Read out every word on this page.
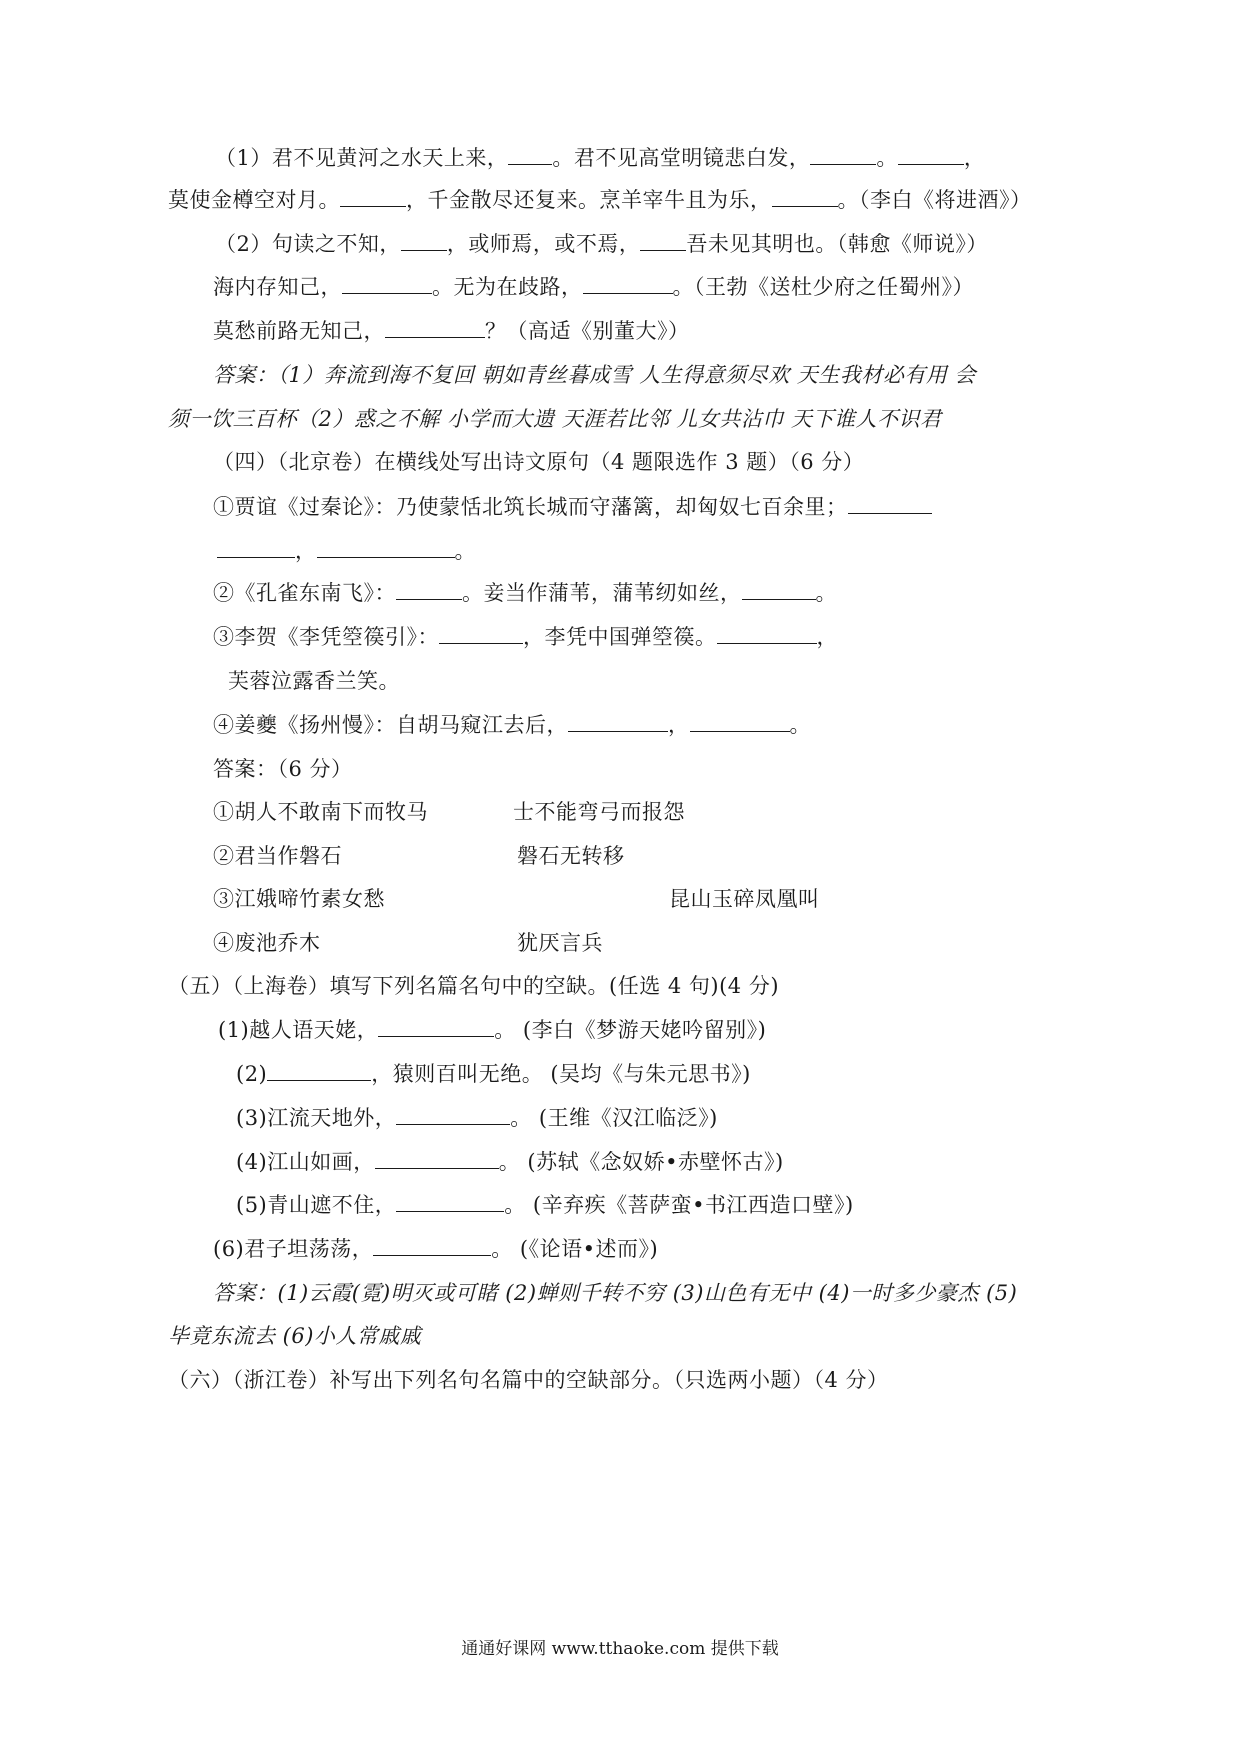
（1）君不见黄河之水天上来， 。君不见高堂明镜悲白发，	。	，
莫使金樽空对月。	，千金散尽还复来。烹羊宰牛且为乐，	。（李白《将进酒》）
（2）句读之不知， ，或师焉，或不焉， 吾未见其明也。（韩愈《师说》）
海内存知己，	。无为在歧路，	。（王勃《送杜少府之任蜀州》）
莫愁前路无知己，	？（高适《别董大》）
答案：（1）奔流到海不复回 朝如青丝暮成雪 人生得意须尽欢 天生我材必有用 会
须一饮三百杯（2）惑之不解 小学而大遗 天涯若比邻 儿女共沾巾 天下谁人不识君
（四）（北京卷）在横线处写出诗文原句（4 题限选作 3 题）（6 分）
①贾谊《过秦论》：乃使蒙恬北筑长城而守藩篱，却匈奴七百余里；
，	。
②《孔雀东南飞》：	。妾当作蒲苇，蒲苇纫如丝，	。
③李贺《李凭箜篌引》：	，李凭中国弹箜篌。	，
芙蓉泣露香兰笑。
④姜夔《扬州慢》：自胡马窥江去后，	，	。
答案：（6 分）
①胡人不敢南下而牧马	士不能弯弓而报怨
②君当作磐石	磐石无转移
③江娥啼竹素女愁	昆山玉碎凤凰叫
④废池乔木	犹厌言兵
（五）（上海卷）填写下列名篇名句中的空缺。(任选 4 句)(4 分)
(1)越人语天姥，	。 (李白《梦游天姥吟留别》)
(2)	，猿则百叫无绝。 (吴均《与朱元思书》)
(3)江流天地外，	。 (王维《汉江临泛》)
(4)江山如画，	。 (苏轼《念奴娇•赤壁怀古》)
(5)青山遮不住，	。 (辛弃疾《菩萨蛮•书江西造口壁》)
(6)君子坦荡荡，	。 (《论语•述而》)
答案：(1)云霞(霓)明灭或可睹 (2)蝉则千转不穷 (3)山色有无中 (4)一时多少豪杰 (5)
毕竟东流去 (6)小人常戚戚
（六）（浙江卷）补写出下列名句名篇中的空缺部分。（只选两小题）（4 分）
通通好课网 www.tthaoke.com 提供下载
